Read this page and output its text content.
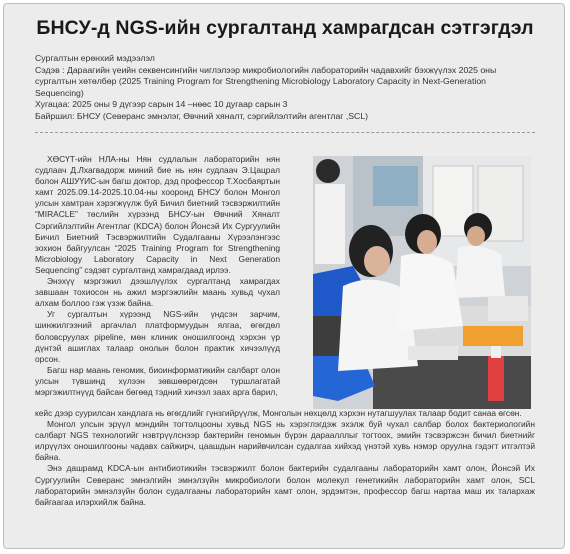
БНСУ-д NGS-ийн сургалтанд хамрагдсан сэтгэгдэл
Сургалтын ерөнхий мэдээлэл
Сэдэв : Дараагийн үеийн секвенсингийн чиглэлээр микробиологийн лабораторийн чадавхийг бэхжүүлэх 2025 оны сургалтын хөтөлбөр (2025 Training Program for Strengthening Microbiology Laboratory Capacity in Next-Generation Sequencing)
Хугацаа: 2025 оны 9 дүгээр сарын 14 –нөөс 10 дугаар сарын 3
Байршил: БНСУ (Северанс эмнэлэг, Өвчний хяналт, сэргийлэлтийн агентлаг ,SCL)

ХӨСҮТ-ийн НЛА-ны Нян судлалын лабораторийн нян судлаач Д.Лхагвадорж миний бие нь нян судлаач Э.Цацрал болон АШУҮИС-ын багш доктор, дэд профессор Т.Хосбаяртын хамт 2025.09.14-2025.10.04-ны хооронд БНСУ болон Монгол улсын хамтран хэрэгжүүлж буй Бичил биетний тэсвэржилтийн “MIRACLE” төслийн хүрээнд БНСУ-ын Өвчний Хяналт Сэргийлэлтийн Агентлаг (KDCA) болон Йонсэй Их Сургуулийн Бичил Биетний Тэсвэржилтийн Судалгааны Хүрээлэнгээс зохион байгуулсан “2025 Training Program for Strengthening Microbiology Laboratory Capacity in Next Generation Sequencing” сэдэвт сургалтанд хамрагдаад ирлээ.

Энэхүү мэргэжил дээшлүүлэх сургалтанд хамрагдах завшаан тохиосон нь ажил мэргэжлийн маань хувьд чухал алхам боллоо гэж үзэж байна.

Уг сургалтын хүрээнд NGS-ийн үндсэн зарчим, шинжилгээний аргачлал платформуудын ялгаа, өгөгдөл боловсруулах pipeline, мөн клиник оношилгоонд хэрхэн үр дүнтэй ашиглах талаар онолын болон практик хичээлүүд орсон.

Багш нар маань геномик, биоинформатикийн салбарт олон улсын түвшинд хүлээн зөвшөөрөгдсөн туршлагатай мэргэжилтнүүд байсан бөгөөд тэдний хичээл заах арга барил,

кейс дээр суурилсан хандлага нь өгөгдлийг гүнзгийрүүлж, Монголын нөхцөлд хэрхэн нутагшуулах талаар бодит санаа өгсөн.

Монгол улсын эрүүл мэндийн тогтолцооны хувьд NGS нь хэрэглэгдэж эхэлж буй чухал салбар болох бактериологийн салбарт NGS технологийг нэвтрүүлснээр бактерийн геномын бүрэн дараалллыг тогтоох, эмийн тэсвэржсэн бичил биетнийг илрүүлэх оношилгооны чадавх сайжирч, цаашдын нарийвчилсан судалгаа хийхэд үнэтэй хувь нэмэр оруулна гэдэгт итгэлтэй байна.

Энэ дашрамд KDCA-ын антибиотикийн тэсвэржилт болон бактерийн судалгааны лабораторийн хамт олон, Йонсэй Их Сургуулийн Северанс эмнэлгийн эмнэлзүйн микробиологи болон молекул генетикийн лабораторийн хамт олон, SCL лабораторийн эмнэлзүйн болон судалгааны лабораторийн хамт олон, эрдэмтэн, профессор багш нартаа маш их талархаж байгаагаа илэрхийлж байна.
